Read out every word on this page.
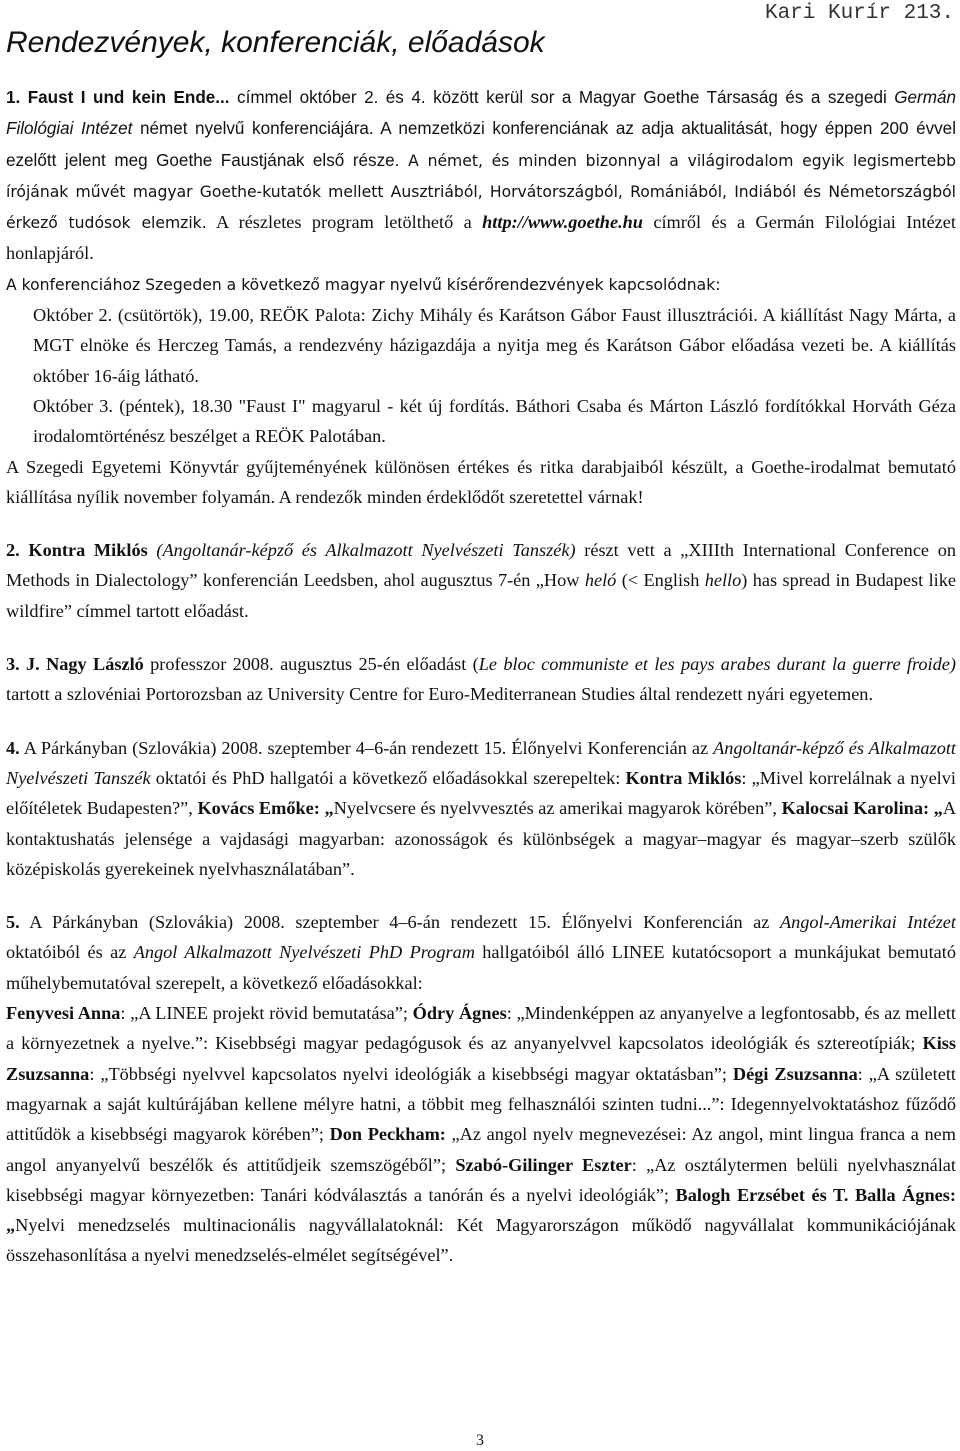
Rendezvények, konferenciák, előadások
Kari Kurír 213.

1. Faust I und kein Ende... címmel október 2. és 4. között kerül sor a Magyar Goethe Társaság és a szegedi Germán Filológiai Intézet német nyelvű konferenciájára. A nemzetközi konferenciának az adja aktualitását, hogy éppen 200 évvel ezelőtt jelent meg Goethe Faustjának első része. A német, és minden bizonnyal a világirodalom egyik legismertebb írójának művét magyar Goethe-kutatók mellett Ausztriából, Horvátországból, Romániából, Indiából és Németországból érkező tudósok elemzik. A részletes program letölthető a http://www.goethe.hu címről és a Germán Filológiai Intézet honlapjáról.

A konferenciához Szegeden a következő magyar nyelvű kísérőrendezvények kapcsolódnak:

Október 2. (csütörtök), 19.00, REÖK Palota: Zichy Mihály és Karátson Gábor Faust illusztrációi. A kiállítást Nagy Márta, a MGT elnöke és Herczeg Tamás, a rendezvény házigazdája a nyitja meg és Karátson Gábor előadása vezeti be. A kiállítás október 16-áig látható.

Október 3. (péntek), 18.30 "Faust I" magyarul - két új fordítás. Báthori Csaba és Márton László fordítókkal Horváth Géza irodalomtörténész beszélget a REÖK Palotában.

A Szegedi Egyetemi Könyvtár gyűjteményének különösen értékes és ritka darabjaiból készült, a Goethe-irodalmat bemutató kiállítása nyílik november folyamán. A rendezők minden érdeklődőt szeretettel várnak!

2. Kontra Miklós (Angoltanár-képző és Alkalmazott Nyelvészeti Tanszék) részt vett a „XIIIth International Conference on Methods in Dialectology” konferencián Leedsben, ahol augusztus 7-én „How heló (< English hello) has spread in Budapest like wildfire” címmel tartott előadást.

3. J. Nagy László professzor 2008. augusztus 25-én előadást (Le bloc communiste et les pays arabes durant la guerre froide) tartott a szlovéniai Portorozsban az University Centre for Euro-Mediterranean Studies által rendezett nyári egyetemen.

4. A Párkányban (Szlovákia) 2008. szeptember 4–6-án rendezett 15. Élőnyelvi Konferencián az Angoltanár-képző és Alkalmazott Nyelvészeti Tanszék oktatói és PhD hallgatói a következő előadásokkal szerepeltek: Kontra Miklós: „Mivel korrelálnak a nyelvi előítéletek Budapesten?”, Kovács Emőke: „Nyelvcsere és nyelvvesztés az amerikai magyarok körében”, Kalocsai Karolina: „A kontaktushatás jelensége a vajdasági magyarban: azonosságok és különbségek a magyar–magyar és magyar–szerb szülők középiskolás gyerekeinek nyelvhasználatában”.

5. A Párkányban (Szlovákia) 2008. szeptember 4–6-án rendezett 15. Élőnyelvi Konferencián az Angol-Amerikai Intézet oktatóiból és az Angol Alkalmazott Nyelvészeti PhD Program hallgatóiból álló LINEE kutatócsoport a munkájukat bemutató műhelybemutatóval szerepelt, a következő előadásokkal:

Fenyvesi Anna: „A LINEE projekt rövid bemutatása”; Ódry Ágnes: „Mindenképpen az anyanyelve a legfontosabb, és az mellett a környezetnek a nyelve.”: Kisebbségi magyar pedagógusok és az anyanyelvvel kapcsolatos ideológiák és sztereotípiák; Kiss Zsuzsanna: „Többségi nyelvvel kapcsolatos nyelvi ideológiák a kisebbségi magyar oktatásban”; Dégi Zsuzsanna: „A született magyarnak a saját kultúrájában kellene mélyre hatni, a többit meg felhasználói szinten tudni...”: Idegennyelvoktatáshoz fűződő attitűdök a kisebbségi magyarok körében”; Don Peckham: „Az angol nyelv megnevezései: Az angol, mint lingua franca a nem angol anyanyelvű beszélők és attitűdjeik szemszögéből”; Szabó-Gilinger Eszter: „Az osztálytermen belüli nyelvhasználat kisebbségi magyar környezetben: Tanári kódválasztás a tanórán és a nyelvi ideológiák”; Balogh Erzsébet és T. Balla Ágnes: „Nyelvi menedzselés multinacionális nagyvállalatoknál: Két Magyarországon működő nagyvállalat kommunikációjának összehasonlítása a nyelvi menedzselés-elmélet segítségével”.

3
